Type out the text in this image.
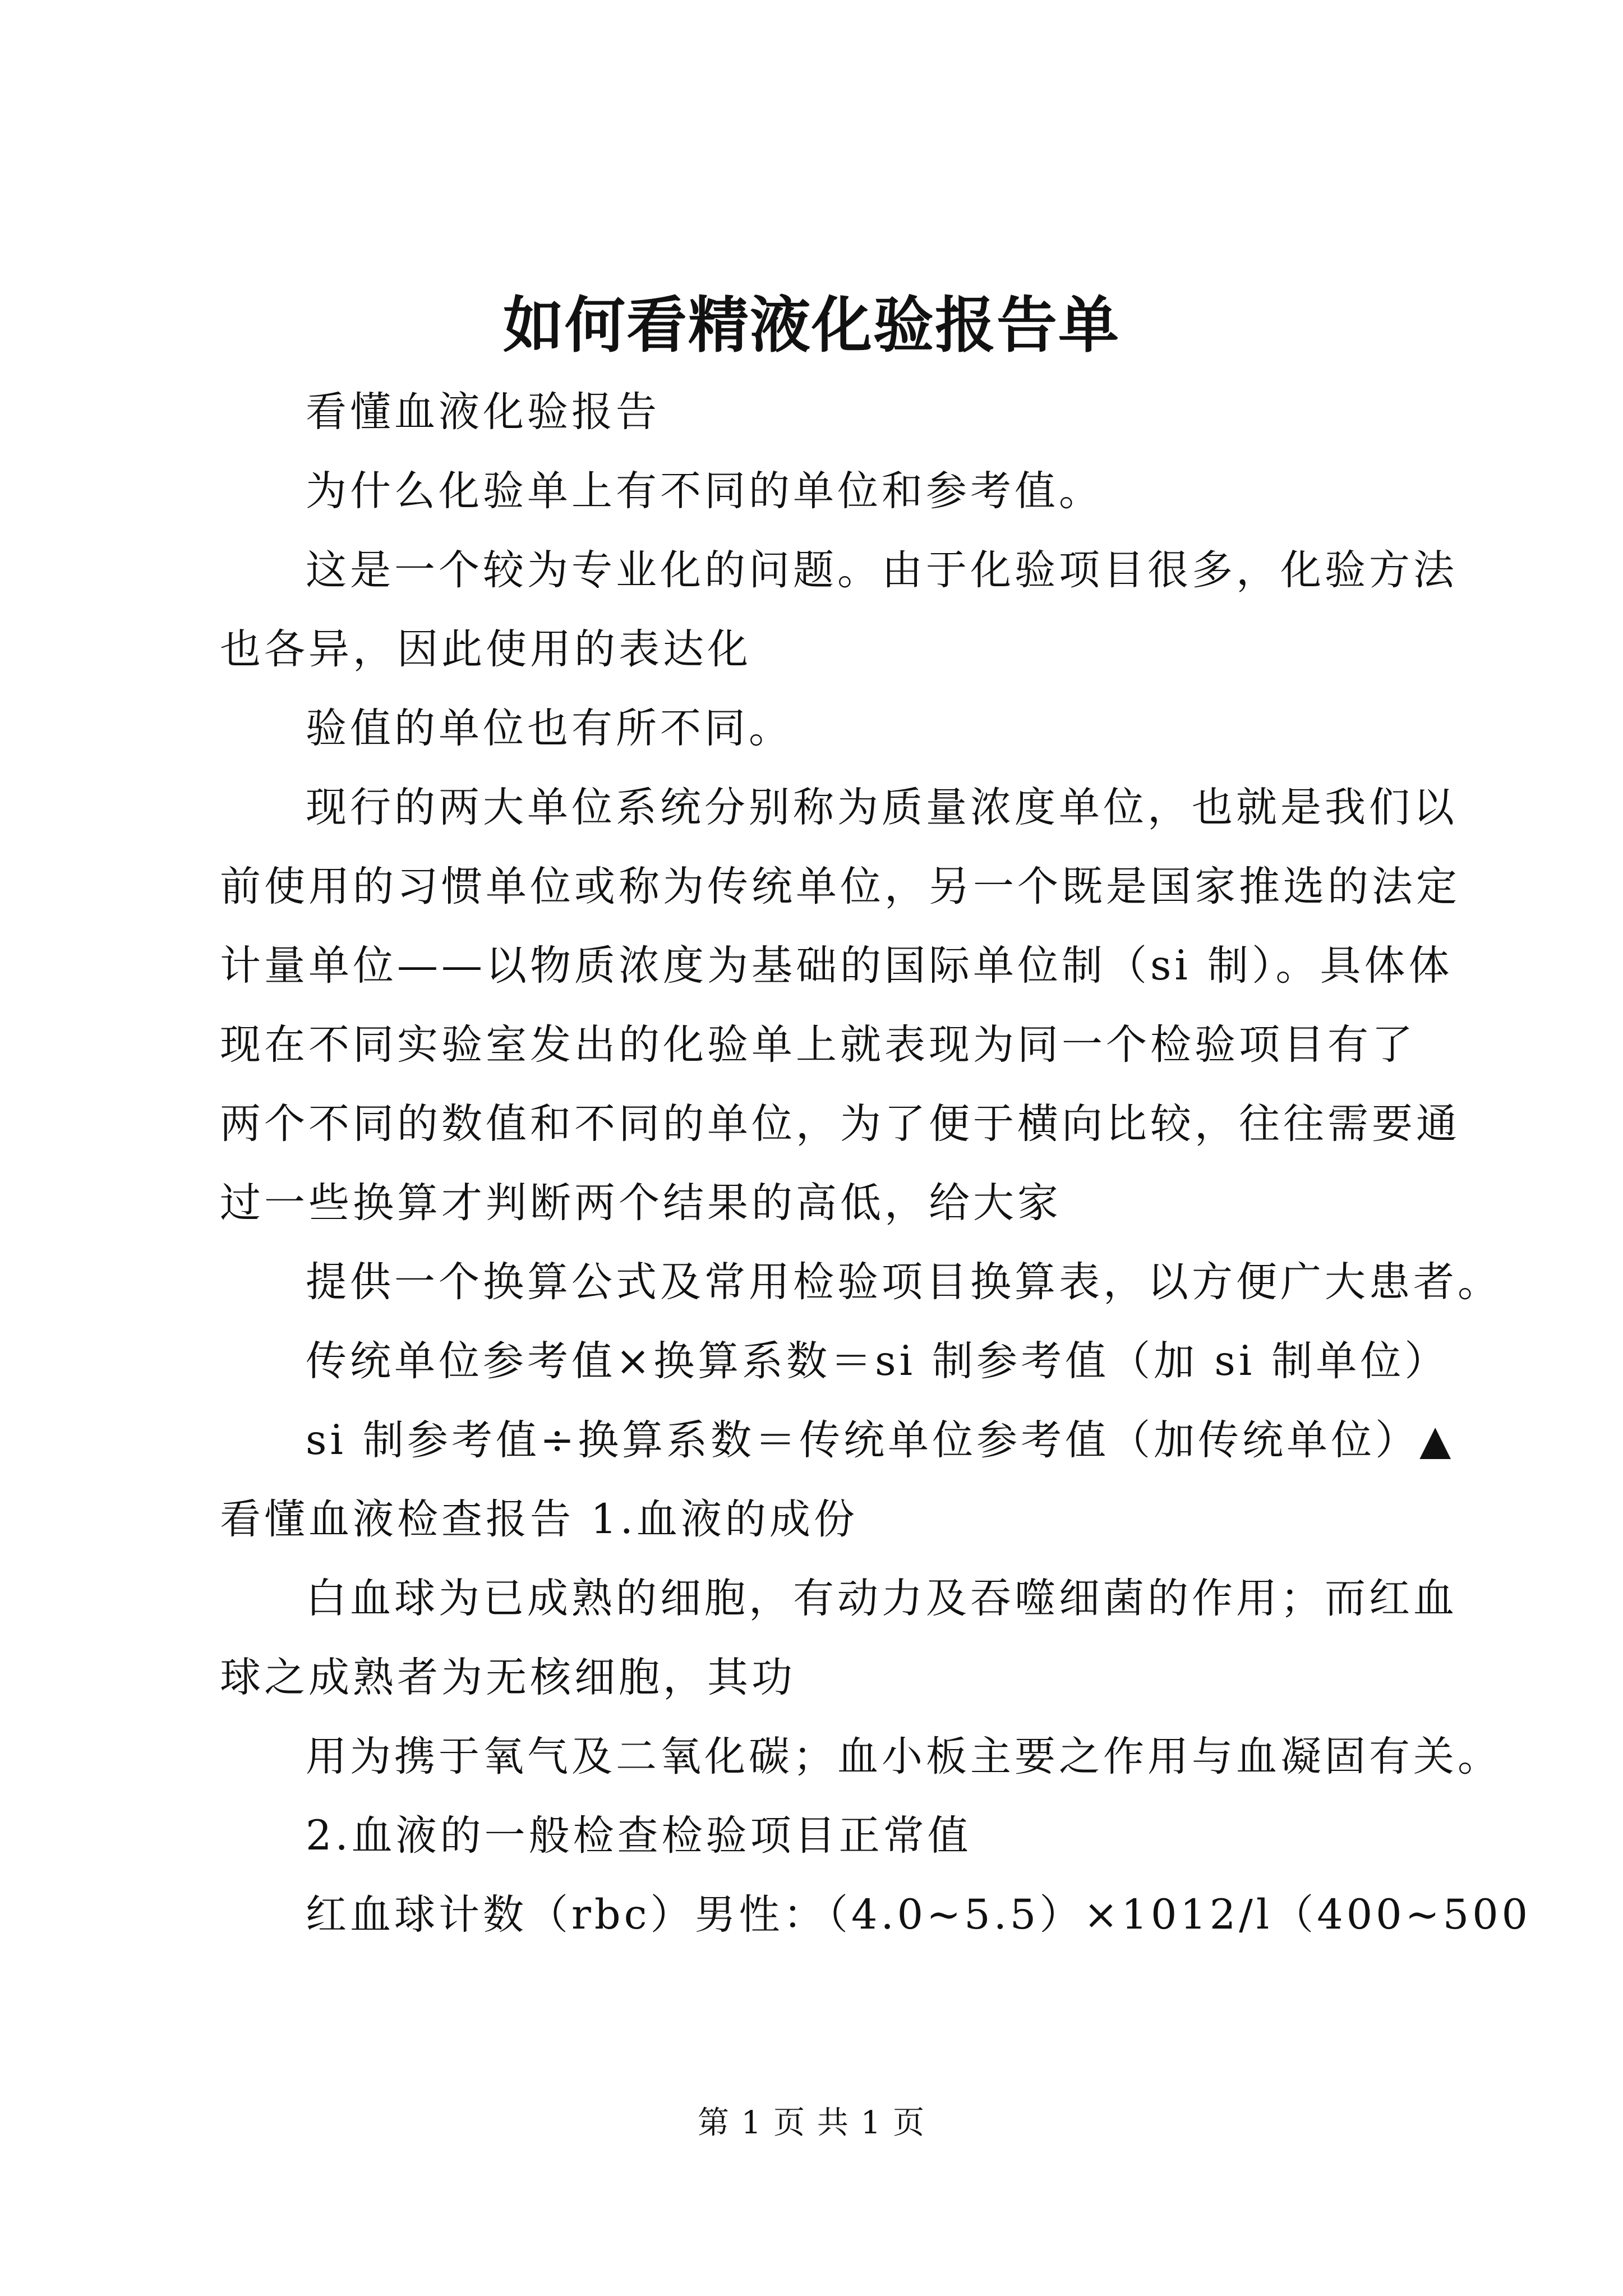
如何看精液化验报告单
看懂血液化验报告
为什么化验单上有不同的单位和参考值。
这是一个较为专业化的问题。由于化验项目很多，化验方法
也各异，因此使用的表达化
验值的单位也有所不同。
现行的两大单位系统分别称为质量浓度单位，也就是我们以
前使用的习惯单位或称为传统单位，另一个既是国家推选的法定
计量单位——以物质浓度为基础的国际单位制（si 制）。具体体
现在不同实验室发出的化验单上就表现为同一个检验项目有了
两个不同的数值和不同的单位，为了便于横向比较，往往需要通
过一些换算才判断两个结果的高低，给大家
提供一个换算公式及常用检验项目换算表，以方便广大患者。
传统单位参考值×换算系数＝si 制参考值（加 si 制单位）
si 制参考值÷换算系数＝传统单位参考值（加传统单位）▲
看懂血液检查报告 1.血液的成份
白血球为已成熟的细胞，有动力及吞噬细菌的作用；而红血
球之成熟者为无核细胞，其功
用为携于氧气及二氧化碳；血小板主要之作用与血凝固有关。
2.血液的一般检查检验项目正常值
红血球计数（rbc）男性：（4.0~5.5）×1012/l（400~500
第 1 页 共 1 页
